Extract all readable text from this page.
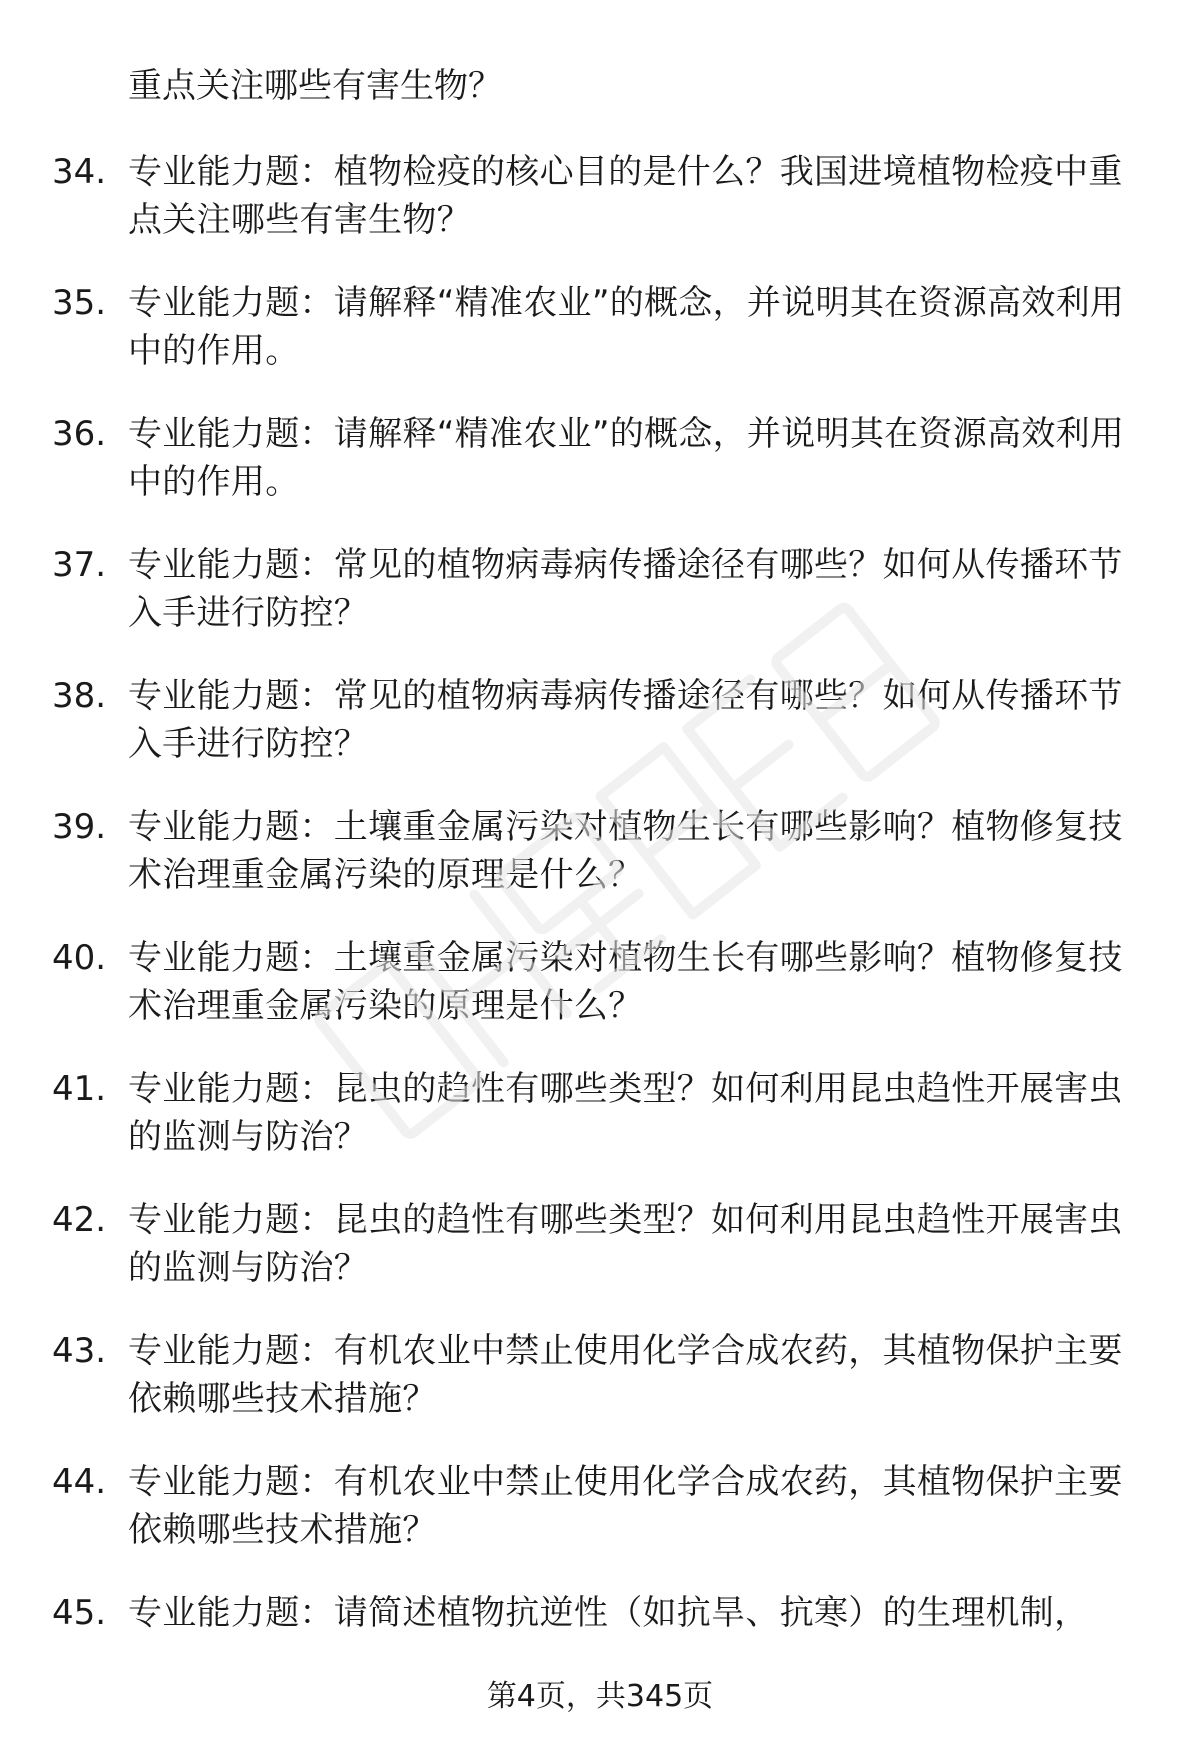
重点关注哪些有害生物？

34. 专业能力题：植物检疫的核心目的是什么？我国进境植物检疫中重点关注哪些有害生物？
35. 专业能力题：请解释“精准农业”的概念，并说明其在资源高效利用中的作用。
36. 专业能力题：请解释“精准农业”的概念，并说明其在资源高效利用中的作用。
37. 专业能力题：常见的植物病毒病传播途径有哪些？如何从传播环节入手进行防控？
38. 专业能力题：常见的植物病毒病传播途径有哪些？如何从传播环节入手进行防控？
39. 专业能力题：土壤重金属污染对植物生长有哪些影响？植物修复技术治理重金属污染的原理是什么？
40. 专业能力题：土壤重金属污染对植物生长有哪些影响？植物修复技术治理重金属污染的原理是什么？
41. 专业能力题：昆虫的趋性有哪些类型？如何利用昆虫趋性开展害虫的监测与防治？
42. 专业能力题：昆虫的趋性有哪些类型？如何利用昆虫趋性开展害虫的监测与防治？
43. 专业能力题：有机农业中禁止使用化学合成农药，其植物保护主要依赖哪些技术措施？
44. 专业能力题：有机农业中禁止使用化学合成农药，其植物保护主要依赖哪些技术措施？
45. 专业能力题：请简述植物抗逆性（如抗旱、抗寒）的生理机制，
第4页，共345页
